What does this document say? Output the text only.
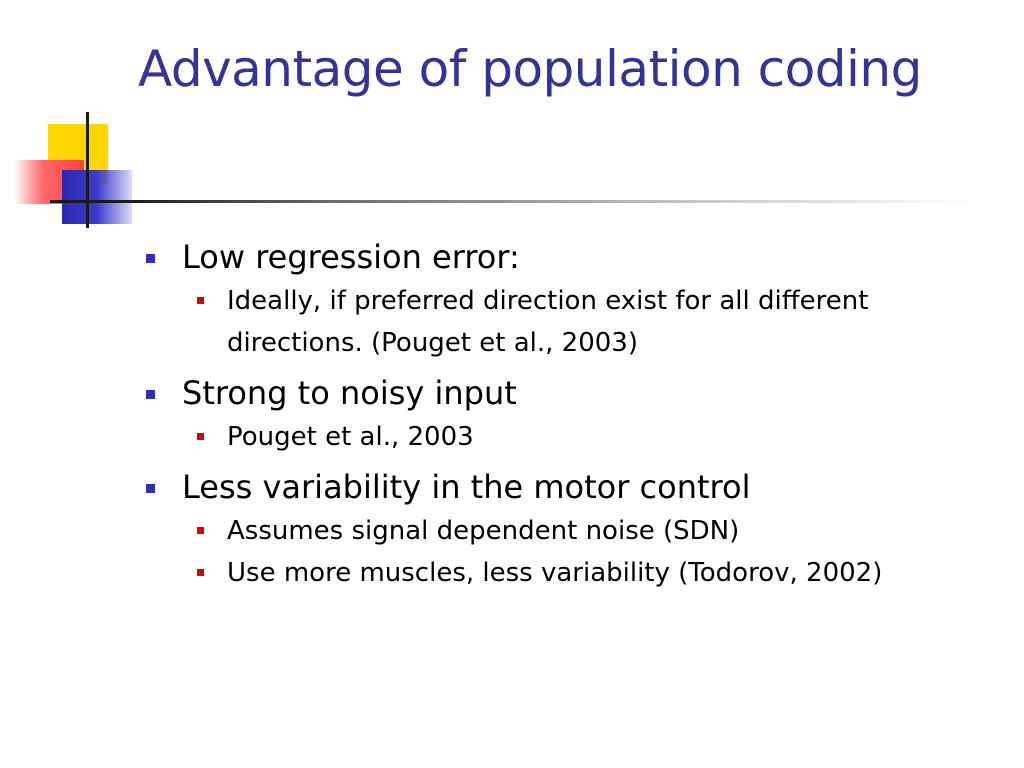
Advantage of population coding
Low regression error:
Ideally, if preferred direction exist for all different directions. (Pouget et al., 2003)
Strong to noisy input
Pouget et al., 2003
Less variability in the motor control
Assumes signal dependent noise (SDN)
Use more muscles, less variability (Todorov, 2002)
